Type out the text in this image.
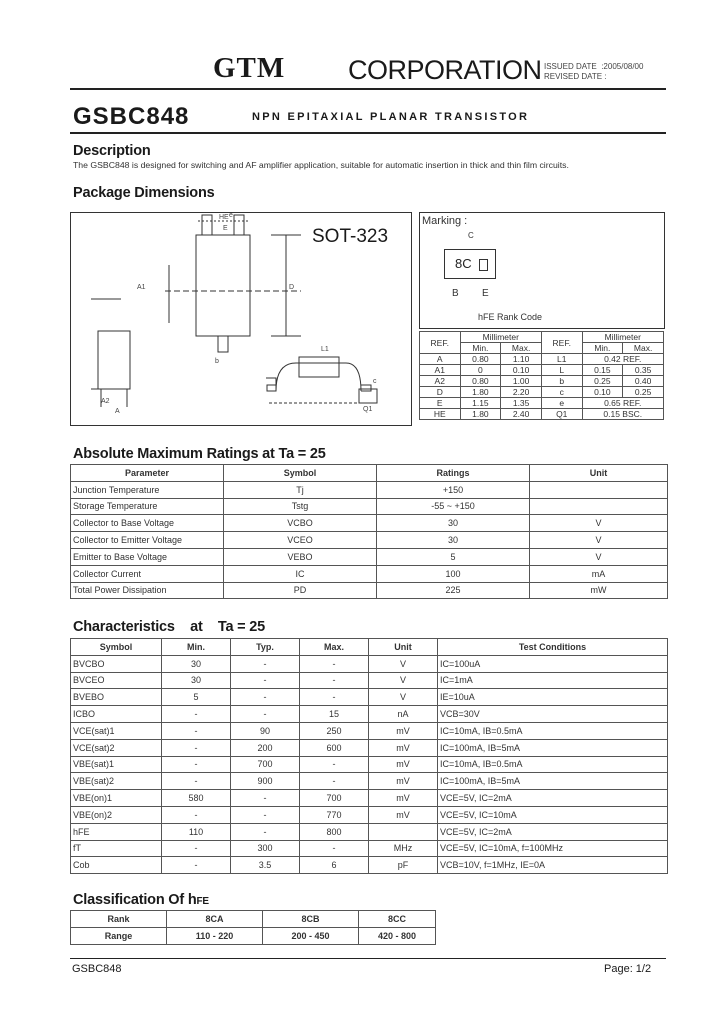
GTM CORPORATION ISSUED DATE  :2005/08/00
REVISED DATE :
GSBC848	NPN EPITAXIAL PLANAR TRANSISTOR
Description
The GSBC848 is designed for switching and AF amplifier application, suitable for automatic insertion in thick and thin film circuits.
Package Dimensions
SOT-323
HE
E
A1
A2
A
D
L1
Q1
c
b
e	Marking :
C
8C
B E
hFE Rank Code
REF.	Millimeter		REF.	Millimeter	
	Min.	Max.		Min.	Max.
A	0.80	1.10	L1	0.42 REF.	
A1	0	0.10	L	0.15	0.35
A2	0.80	1.00	b	0.25	0.40
D	1.80	2.20	c	0.10	0.25
E	1.15	1.35	e	0.65 REF.	
HE	1.80	2.40	Q1	0.15 BSC.	
Absolute Maximum Ratings at Ta = 25
Parameter	Symbol	Ratings	Unit
Junction Temperature	Tj	+150	
Storage Temperature	Tstg	-55 ~ +150	
Collector to Base Voltage	VCBO	30	V
Collector to Emitter Voltage	VCEO	30	V
Emitter to Base Voltage	VEBO	5	V
Collector Current	IC	100	mA
Total Power Dissipation	PD	225	mW
Characteristics    at    Ta = 25
Symbol	Min.	Typ.	Max.	Unit	Test Conditions
BVCBO	30	-	-	V	IC=100uA
BVCEO	30	-	-	V	IC=1mA
BVEBO	5	-	-	V	IE=10uA
ICBO	-	-	15	nA	VCB=30V
VCE(sat)1	-	90	250	mV	IC=10mA, IB=0.5mA
VCE(sat)2	-	200	600	mV	IC=100mA, IB=5mA
VBE(sat)1	-	700	-	mV	IC=10mA, IB=0.5mA
VBE(sat)2	-	900	-	mV	IC=100mA, IB=5mA
VBE(on)1	580	-	700	mV	VCE=5V, IC=2mA
VBE(on)2	-	-	770	mV	VCE=5V, IC=10mA
hFE	110	-	800		VCE=5V, IC=2mA
fT	-	300	-	MHz	VCE=5V, IC=10mA, f=100MHz
Cob	-	3.5	6	pF	VCB=10V, f=1MHz, IE=0A
Classification Of hFE
Rank	8CA	8CB	8CC
Range	110 - 220	200 - 450	420 - 800
GSBC848	Page: 1/2
